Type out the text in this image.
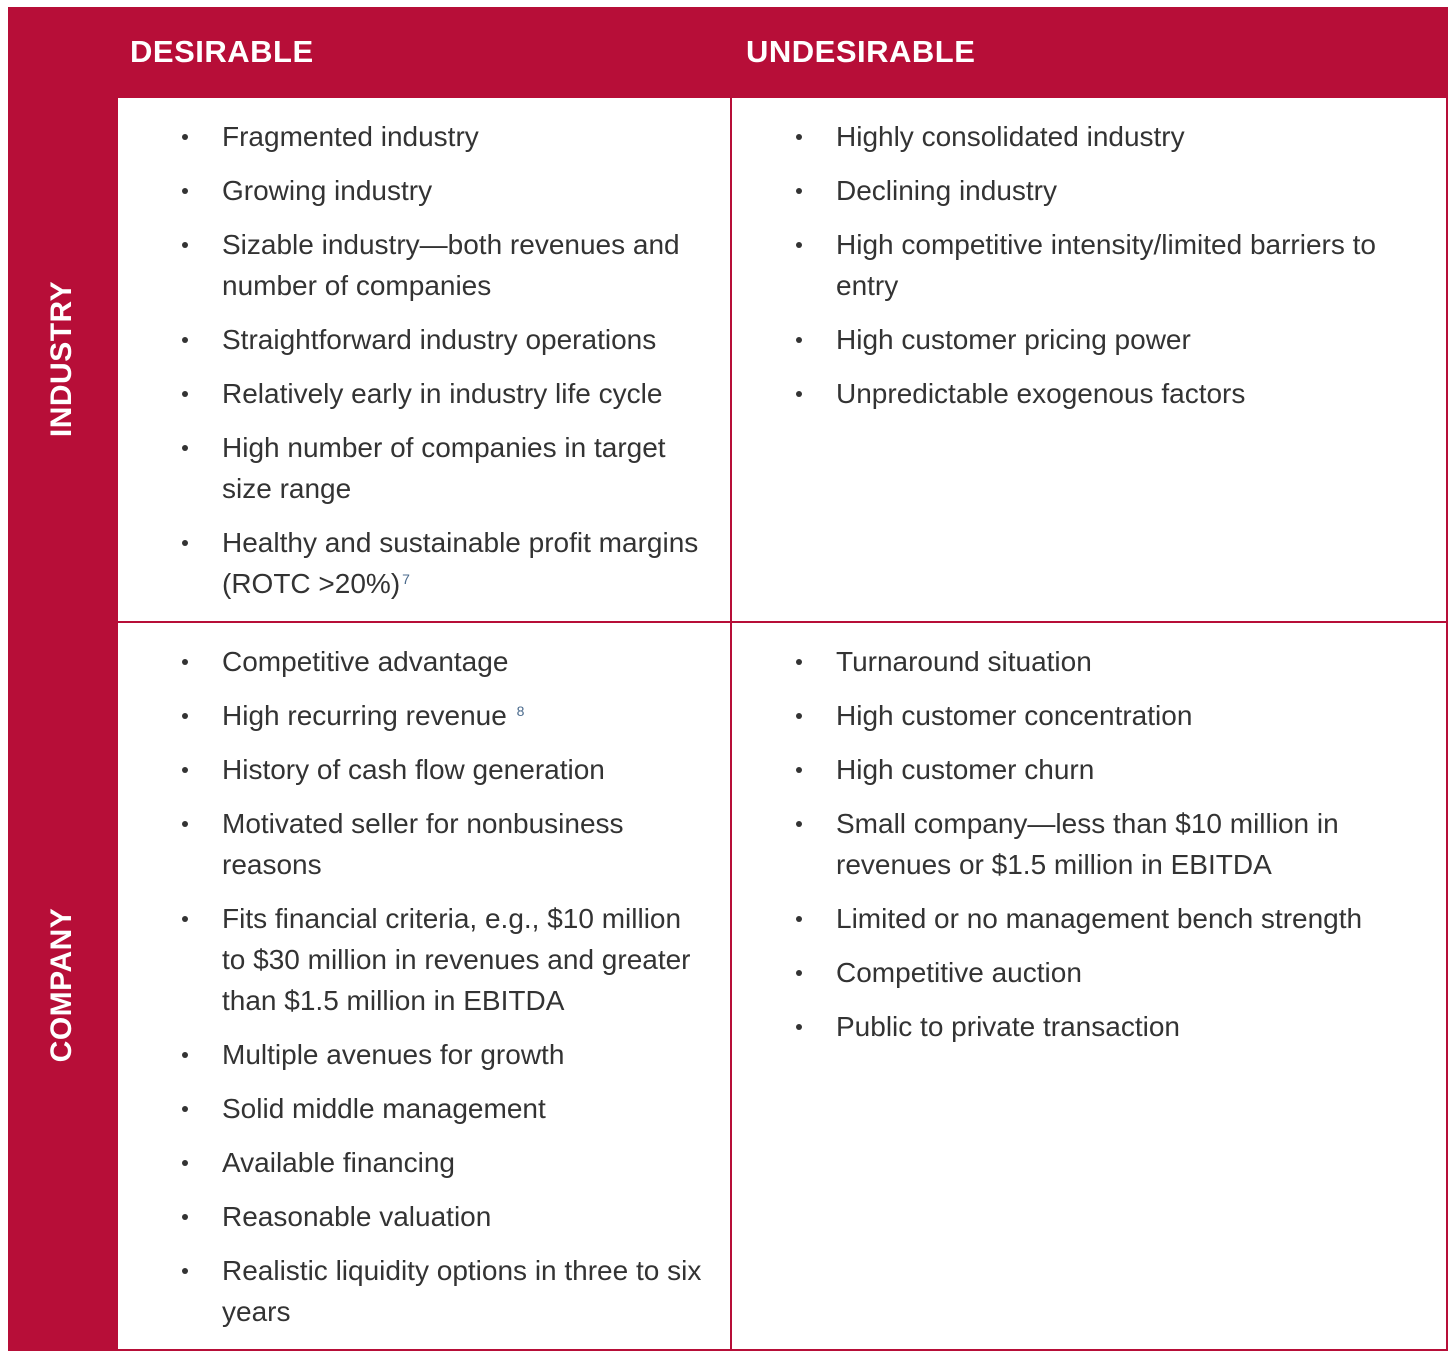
DESIRABLE	UNDESIRABLE
INDUSTRY
COMPANY
Fragmented industry
Growing industry
Sizable industry—both revenues and number of companies
Straightforward industry operations
Relatively early in industry life cycle
High number of companies in target size range
Healthy and sustainable profit margins (ROTC >20%) $^7$
Highly consolidated industry
Declining industry
High competitive intensity/limited barriers to entry
High customer pricing power
Unpredictable exogenous factors
Competitive advantage
High recurring revenue $^8$
History of cash flow generation
Motivated seller for nonbusiness reasons
Fits financial criteria, e.g., $10 million to $30 million in revenues and greater than $1.5 million in EBITDA
Multiple avenues for growth
Solid middle management
Available financing
Reasonable valuation
Realistic liquidity options in three to six years
Turnaround situation
High customer concentration
High customer churn
Small company—less than $10 million in revenues or $1.5 million in EBITDA
Limited or no management bench strength
Competitive auction
Public to private transaction
